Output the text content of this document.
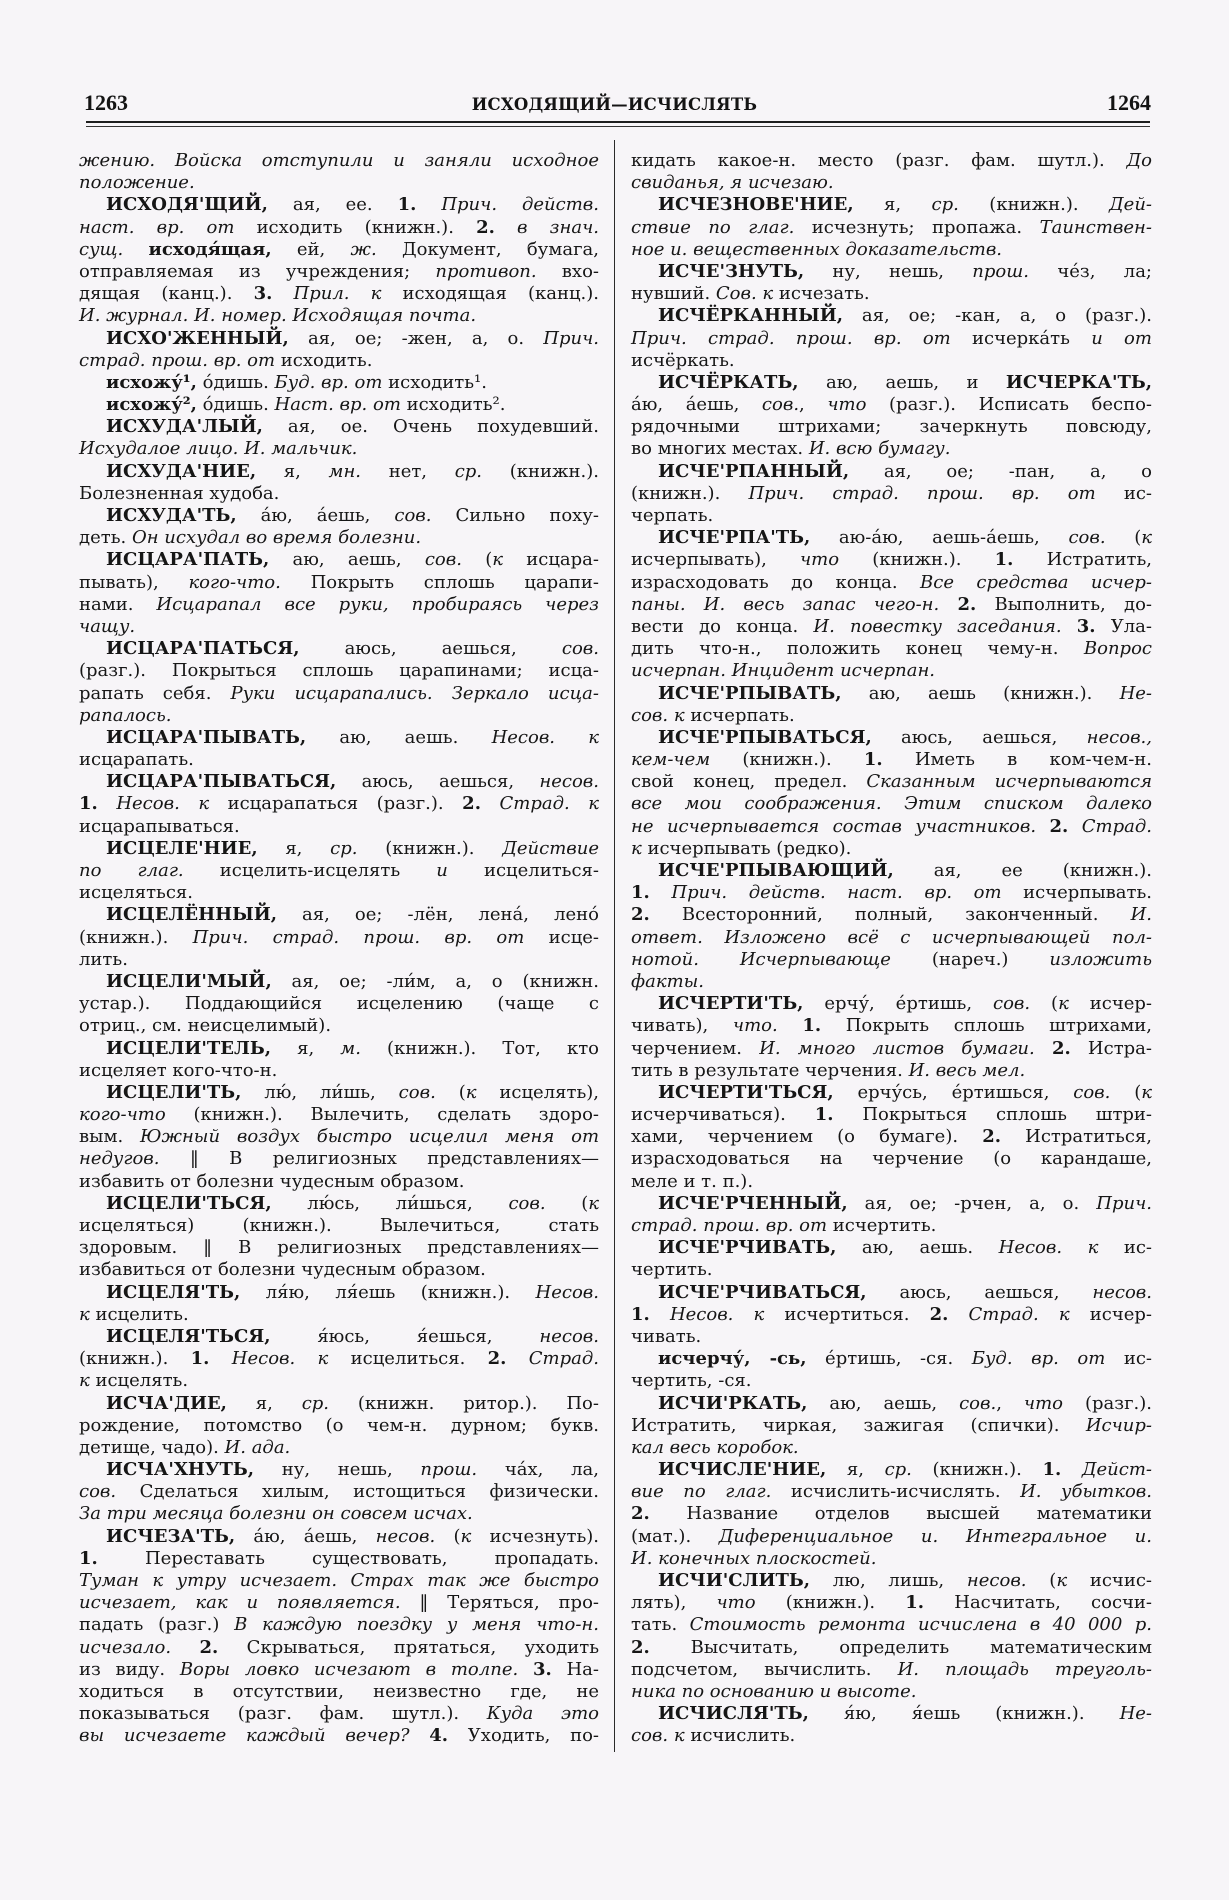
1263	ИСХОДЯЩИЙ—ИСЧИСЛЯТЬ	1264
жению. Войска отступили и заняли исходное
положение.
ИСХОДЯ'ЩИЙ, ая, ее. 1. Прич. действ.
наст. вр. от исходить (книжн.). 2. в знач.
сущ. исходя́щая, ей, ж. Документ, бумага,
отправляемая из учреждения; противоп. вхо-
дящая (канц.). 3. Прил. к исходящая (канц.).
И. журнал. И. номер. Исходящая почта.
ИСХО'ЖЕННЫЙ, ая, ое; -жен, а, о. Прич.
страд. прош. вр. от исходить.
исхожу́¹, о́дишь. Буд. вр. от исходить¹.
исхожу́², о́дишь. Наст. вр. от исходить².
ИСХУДА'ЛЫЙ, ая, ое. Очень похудевший.
Исхудалое лицо. И. мальчик.
ИСХУДА'НИЕ, я, мн. нет, ср. (книжн.).
Болезненная худоба.
ИСХУДА'ТЬ, а́ю, а́ешь, сов. Сильно поху-
деть. Он исхудал во время болезни.
ИСЦАРА'ПАТЬ, аю, аешь, сов. (к исцара-
пывать), кого-что. Покрыть сплошь царапи-
нами. Исцарапал все руки, пробираясь через
чащу.
ИСЦАРА'ПАТЬСЯ, аюсь, аешься, сов.
(разг.). Покрыться сплошь царапинами; исца-
рапать себя. Руки исцарапались. Зеркало исца-
рапалось.
ИСЦАРА'ПЫВАТЬ, аю, аешь. Несов. к
исцарапать.
ИСЦАРА'ПЫВАТЬСЯ, аюсь, аешься, несов.
1. Несов. к исцарапаться (разг.). 2. Страд. к
исцарапываться.
ИСЦЕЛЕ'НИЕ, я, ср. (книжн.). Действие
по глаг. исцелить-исцелять и исцелиться-
исцеляться.
ИСЦЕЛЁННЫЙ, ая, ое; -лён, лена́, лено́
(книжн.). Прич. страд. прош. вр. от исце-
лить.
ИСЦЕЛИ'МЫЙ, ая, ое; -ли́м, а, о (книжн.
устар.). Поддающийся исцелению (чаще с
отриц., см. неисцелимый).
ИСЦЕЛИ'ТЕЛЬ, я, м. (книжн.). Тот, кто
исцеляет кого-что-н.
ИСЦЕЛИ'ТЬ, лю́, ли́шь, сов. (к исцелять),
кого-что (книжн.). Вылечить, сделать здоро-
вым. Южный воздух быстро исцелил меня от
недугов. ‖ В религиозных представлениях—
избавить от болезни чудесным образом.
ИСЦЕЛИ'ТЬСЯ, лю́сь, ли́шься, сов. (к
исцеляться) (книжн.). Вылечиться, стать
здоровым. ‖ В религиозных представлениях—
избавиться от болезни чудесным образом.
ИСЦЕЛЯ'ТЬ, ля́ю, ля́ешь (книжн.). Несов.
к исцелить.
ИСЦЕЛЯ'ТЬСЯ, я́юсь, я́ешься, несов.
(книжн.). 1. Несов. к исцелиться. 2. Страд.
к исцелять.
ИСЧА'ДИЕ, я, ср. (книжн. ритор.). По-
рождение, потомство (о чем-н. дурном; букв.
детище, чадо). И. ада.
ИСЧА'ХНУТЬ, ну, нешь, прош. ча́х, ла,
сов. Сделаться хилым, истощиться физически.
За три месяца болезни он совсем исчах.
ИСЧЕЗА'ТЬ, а́ю, а́ешь, несов. (к исчезнуть).
1. Переставать существовать, пропадать.
Туман к утру исчезает. Страх так же быстро
исчезает, как и появляется. ‖ Теряться, про-
падать (разг.) В каждую поездку у меня что-н.
исчезало. 2. Скрываться, прятаться, уходить
из виду. Воры ловко исчезают в толпе. 3. На-
ходиться в отсутствии, неизвестно где, не
показываться (разг. фам. шутл.). Куда это
вы исчезаете каждый вечер? 4. Уходить, по-
кидать какое-н. место (разг. фам. шутл.). До
свиданья, я исчезаю.
ИСЧЕЗНОВЕ'НИЕ, я, ср. (книжн.). Дей-
ствие по глаг. исчезнуть; пропажа. Таинствен-
ное и. вещественных доказательств.
ИСЧЕ'ЗНУТЬ, ну, нешь, прош. че́з, ла;
нувший. Сов. к исчезать.
ИСЧЁРКАННЫЙ, ая, ое; -кан, а, о (разг.).
Прич. страд. прош. вр. от исчерка́ть и от
исчёркать.
ИСЧЁРКАТЬ, аю, аешь, и ИСЧЕРКА'ТЬ,
а́ю, а́ешь, сов., что (разг.). Исписать беспо-
рядочными штрихами; зачеркнуть повсюду,
во многих местах. И. всю бумагу.
ИСЧЕ'РПАННЫЙ, ая, ое; -пан, а, о
(книжн.). Прич. страд. прош. вр. от ис-
черпать.
ИСЧЕ'РПА'ТЬ, аю-а́ю, аешь-а́ешь, сов. (к
исчерпывать), что (книжн.). 1. Истратить,
израсходовать до конца. Все средства исчер-
паны. И. весь запас чего-н. 2. Выполнить, до-
вести до конца. И. повестку заседания. 3. Ула-
дить что-н., положить конец чему-н. Вопрос
исчерпан. Инцидент исчерпан.
ИСЧЕ'РПЫВАТЬ, аю, аешь (книжн.). Не-
сов. к исчерпать.
ИСЧЕ'РПЫВАТЬСЯ, аюсь, аешься, несов.,
кем-чем (книжн.). 1. Иметь в ком-чем-н.
свой конец, предел. Сказанным исчерпываются
все мои соображения. Этим списком далеко
не исчерпывается состав участников. 2. Страд.
к исчерпывать (редко).
ИСЧЕ'РПЫВАЮЩИЙ, ая, ее (книжн.).
1. Прич. действ. наст. вр. от исчерпывать.
2. Всесторонний, полный, законченный. И.
ответ. Изложено всё с исчерпывающей пол-
нотой. Исчерпывающе (нареч.) изложить
факты.
ИСЧЕРТИ'ТЬ, ерчу́, е́ртишь, сов. (к исчер-
чивать), что. 1. Покрыть сплошь штрихами,
черчением. И. много листов бумаги. 2. Истра-
тить в результате черчения. И. весь мел.
ИСЧЕРТИ'ТЬСЯ, ерчу́сь, е́ртишься, сов. (к
исчерчиваться). 1. Покрыться сплошь штри-
хами, черчением (о бумаге). 2. Истратиться,
израсходоваться на черчение (о карандаше,
меле и т. п.).
ИСЧЕ'РЧЕННЫЙ, ая, ое; -рчен, а, о. Прич.
страд. прош. вр. от исчертить.
ИСЧЕ'РЧИВАТЬ, аю, аешь. Несов. к ис-
чертить.
ИСЧЕ'РЧИВАТЬСЯ, аюсь, аешься, несов.
1. Несов. к исчертиться. 2. Страд. к исчер-
чивать.
исчерчу́, -сь, е́ртишь, -ся. Буд. вр. от ис-
чертить, -ся.
ИСЧИ'РКАТЬ, аю, аешь, сов., что (разг.).
Истратить, чиркая, зажигая (спички). Исчир-
кал весь коробок.
ИСЧИСЛЕ'НИЕ, я, ср. (книжн.). 1. Дейст-
вие по глаг. исчислить-исчислять. И. убытков.
2. Название отделов высшей математики
(мат.). Диференциальное и. Интегральное и.
И. конечных плоскостей.
ИСЧИ'СЛИТЬ, лю, лишь, несов. (к исчис-
лять), что (книжн.). 1. Насчитать, сосчи-
тать. Стоимость ремонта исчислена в 40 000 р.
2. Высчитать, определить математическим
подсчетом, вычислить. И. площадь треуголь-
ника по основанию и высоте.
ИСЧИСЛЯ'ТЬ, я́ю, я́ешь (книжн.). Не-
сов. к исчислить.
